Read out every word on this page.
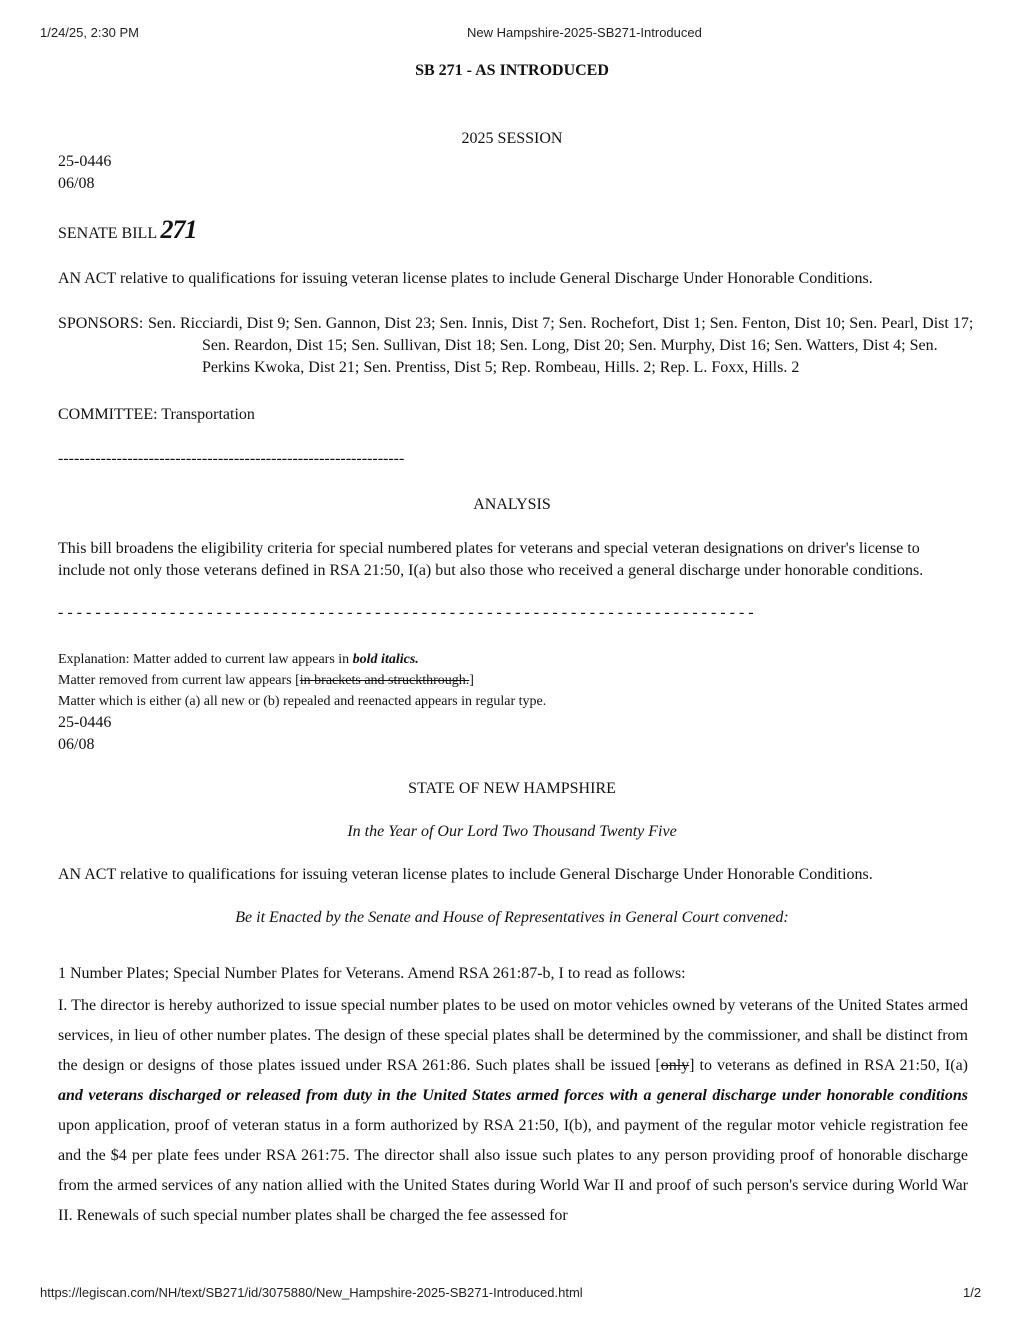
1/24/25, 2:30 PM	New Hampshire-2025-SB271-Introduced
SB 271 - AS INTRODUCED
2025 SESSION
25-0446
06/08
SENATE BILL 271
AN ACT relative to qualifications for issuing veteran license plates to include General Discharge Under Honorable Conditions.
SPONSORS: Sen. Ricciardi, Dist 9; Sen. Gannon, Dist 23; Sen. Innis, Dist 7; Sen. Rochefort, Dist 1; Sen. Fenton, Dist 10; Sen. Pearl, Dist 17; Sen. Reardon, Dist 15; Sen. Sullivan, Dist 18; Sen. Long, Dist 20; Sen. Murphy, Dist 16; Sen. Watters, Dist 4; Sen. Perkins Kwoka, Dist 21; Sen. Prentiss, Dist 5; Rep. Rombeau, Hills. 2; Rep. L. Foxx, Hills. 2
COMMITTEE: Transportation
-----------------------------------------------------------------
ANALYSIS
This bill broadens the eligibility criteria for special numbered plates for veterans and special veteran designations on driver's license to include not only those veterans defined in RSA 21:50, I(a) but also those who received a general discharge under honorable conditions.
- - - - - - - - - - - - - - - - - - - - - - - - - - - - - - - - - - - - - - - - - - - - - - - - - - - - - - - - - - - - - - - - - - - - - - - - - - -
Explanation: Matter added to current law appears in bold italics.
Matter removed from current law appears [in brackets and struckthrough.]
Matter which is either (a) all new or (b) repealed and reenacted appears in regular type.
25-0446
06/08
STATE OF NEW HAMPSHIRE
In the Year of Our Lord Two Thousand Twenty Five
AN ACT relative to qualifications for issuing veteran license plates to include General Discharge Under Honorable Conditions.
Be it Enacted by the Senate and House of Representatives in General Court convened:
1 Number Plates; Special Number Plates for Veterans. Amend RSA 261:87-b, I to read as follows:
I. The director is hereby authorized to issue special number plates to be used on motor vehicles owned by veterans of the United States armed services, in lieu of other number plates. The design of these special plates shall be determined by the commissioner, and shall be distinct from the design or designs of those plates issued under RSA 261:86. Such plates shall be issued [only] to veterans as defined in RSA 21:50, I(a) and veterans discharged or released from duty in the United States armed forces with a general discharge under honorable conditions upon application, proof of veteran status in a form authorized by RSA 21:50, I(b), and payment of the regular motor vehicle registration fee and the $4 per plate fees under RSA 261:75. The director shall also issue such plates to any person providing proof of honorable discharge from the armed services of any nation allied with the United States during World War II and proof of such person's service during World War II. Renewals of such special number plates shall be charged the fee assessed for
https://legiscan.com/NH/text/SB271/id/3075880/New_Hampshire-2025-SB271-Introduced.html	1/2
